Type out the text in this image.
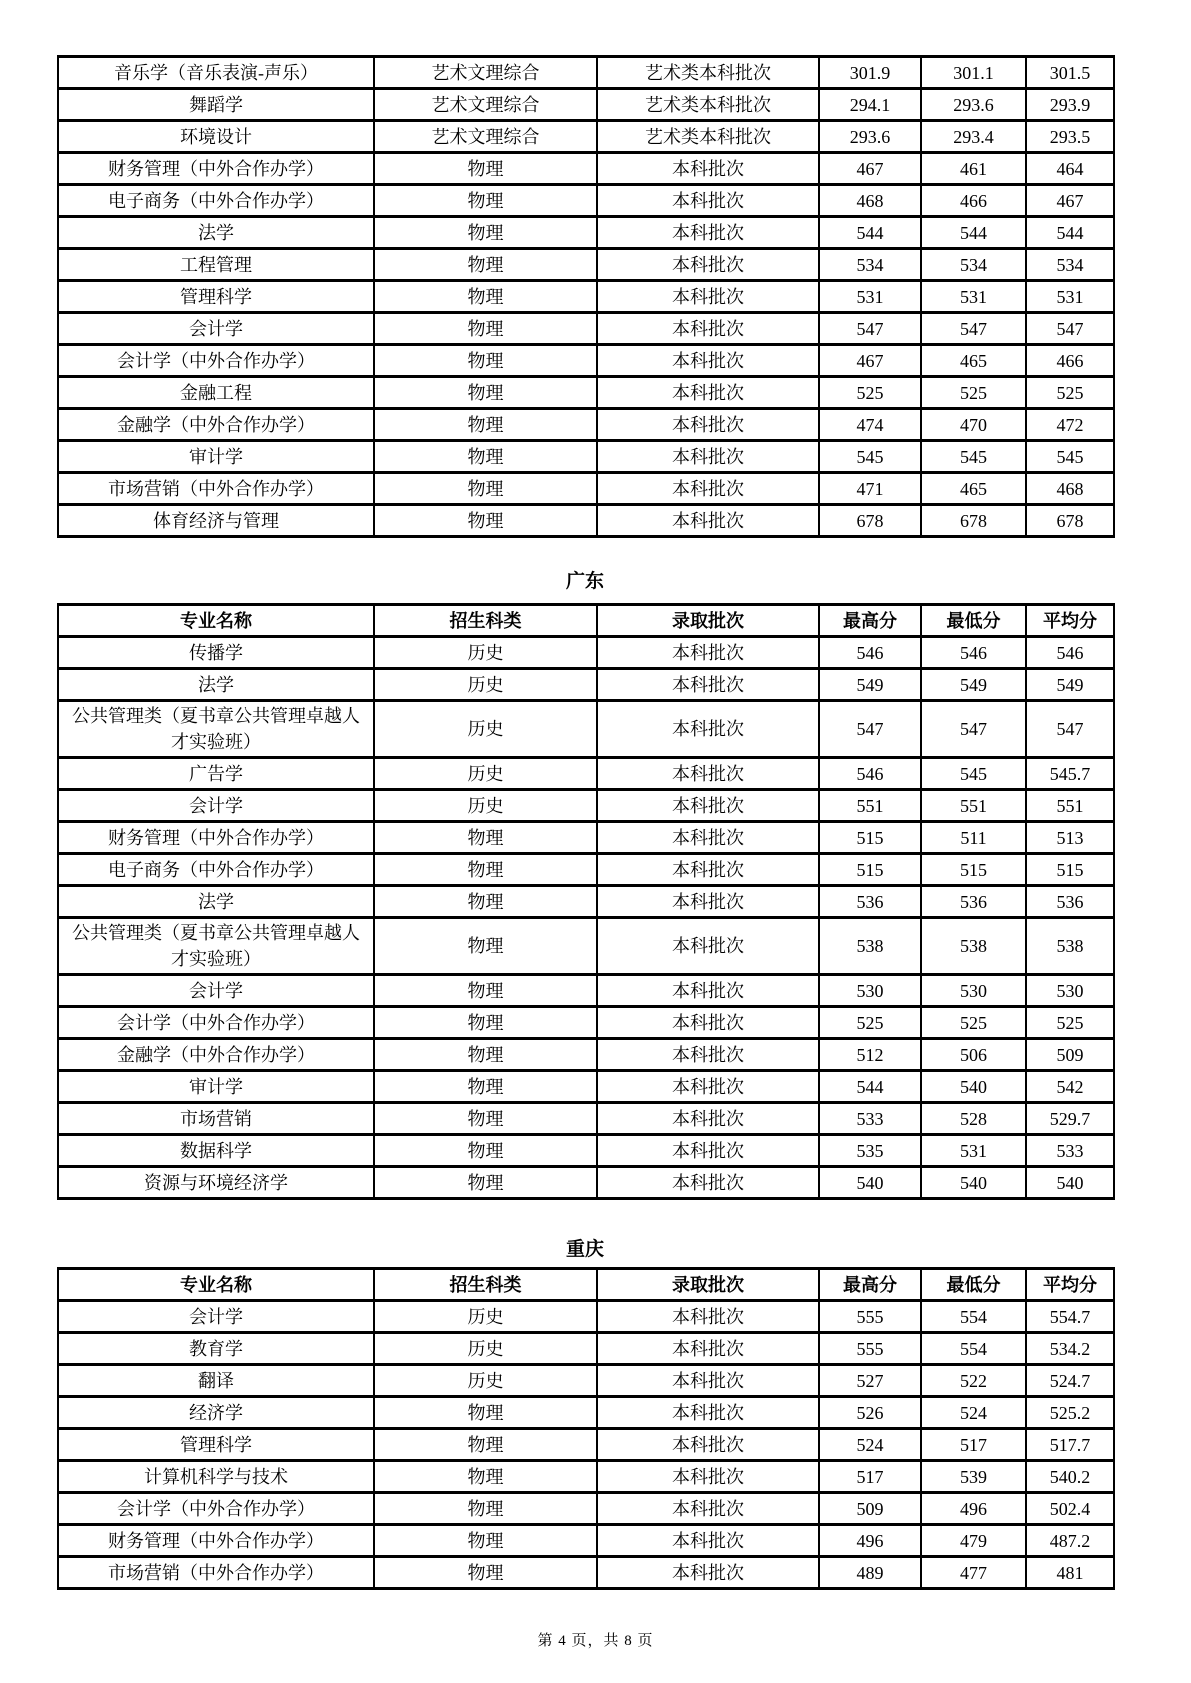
音乐学（音乐表演-声乐）	艺术文理综合	艺术类本科批次	301.9	301.1	301.5
舞蹈学	艺术文理综合	艺术类本科批次	294.1	293.6	293.9
环境设计	艺术文理综合	艺术类本科批次	293.6	293.4	293.5
财务管理（中外合作办学）	物理	本科批次	467	461	464
电子商务（中外合作办学）	物理	本科批次	468	466	467
法学	物理	本科批次	544	544	544
工程管理	物理	本科批次	534	534	534
管理科学	物理	本科批次	531	531	531
会计学	物理	本科批次	547	547	547
会计学（中外合作办学）	物理	本科批次	467	465	466
金融工程	物理	本科批次	525	525	525
金融学（中外合作办学）	物理	本科批次	474	470	472
审计学	物理	本科批次	545	545	545
市场营销（中外合作办学）	物理	本科批次	471	465	468
体育经济与管理	物理	本科批次	678	678	678
广东
专业名称	招生科类	录取批次	最高分	最低分	平均分
传播学	历史	本科批次	546	546	546
法学	历史	本科批次	549	549	549
公共管理类（夏书章公共管理卓越人才实验班）	历史	本科批次	547	547	547
广告学	历史	本科批次	546	545	545.7
会计学	历史	本科批次	551	551	551
财务管理（中外合作办学）	物理	本科批次	515	511	513
电子商务（中外合作办学）	物理	本科批次	515	515	515
法学	物理	本科批次	536	536	536
公共管理类（夏书章公共管理卓越人才实验班）	物理	本科批次	538	538	538
会计学	物理	本科批次	530	530	530
会计学（中外合作办学）	物理	本科批次	525	525	525
金融学（中外合作办学）	物理	本科批次	512	506	509
审计学	物理	本科批次	544	540	542
市场营销	物理	本科批次	533	528	529.7
数据科学	物理	本科批次	535	531	533
资源与环境经济学	物理	本科批次	540	540	540
重庆
专业名称	招生科类	录取批次	最高分	最低分	平均分
会计学	历史	本科批次	555	554	554.7
教育学	历史	本科批次	555	554	534.2
翻译	历史	本科批次	527	522	524.7
经济学	物理	本科批次	526	524	525.2
管理科学	物理	本科批次	524	517	517.7
计算机科学与技术	物理	本科批次	517	539	540.2
会计学（中外合作办学）	物理	本科批次	509	496	502.4
财务管理（中外合作办学）	物理	本科批次	496	479	487.2
市场营销（中外合作办学）	物理	本科批次	489	477	481
第 4 页，共 8 页
